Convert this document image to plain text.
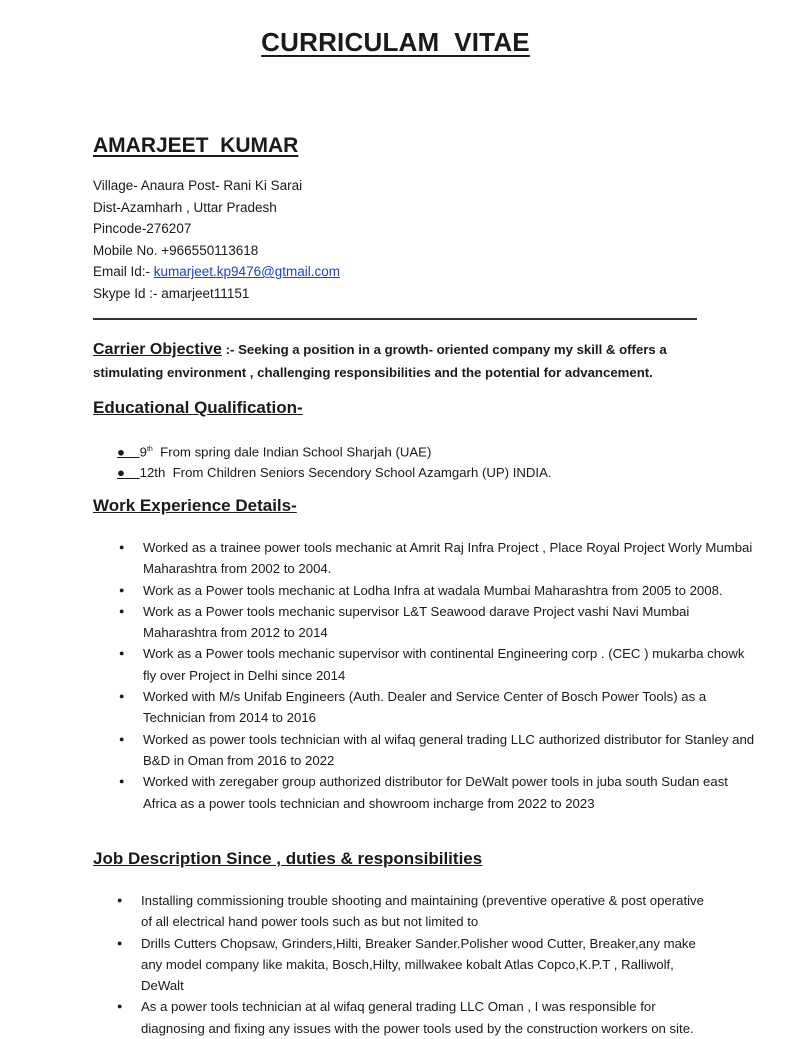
CURRICULAM  VITAE
AMARJEET  KUMAR
Village- Anaura Post- Rani Ki Sarai
Dist-Azamharh , Uttar Pradesh
Pincode-276207
Mobile No. +966550113618
Email Id:- kumarjeet.kp9476@gtmail.com
Skype Id :- amarjeet11151
Carrier Objective :- Seeking a position in a growth- oriented company my skill & offers a stimulating environment , challenging responsibilities and the potential for advancement.
Educational Qualification-
●    9th  From spring dale Indian School Sharjah (UAE)
●    12th  From Children Seniors Secendory School Azamgarh (UP) INDIA.
Work Experience Details-
● Worked as a trainee power tools mechanic at Amrit Raj Infra Project , Place Royal Project Worly Mumbai Maharashtra from 2002 to 2004.
● Work as a Power tools mechanic at Lodha Infra at wadala Mumbai Maharashtra from 2005 to 2008.
● Work as a Power tools mechanic supervisor L&T Seawood darave Project vashi Navi Mumbai Maharashtra from 2012 to 2014
● Work as a Power tools mechanic supervisor with continental Engineering corp . (CEC ) mukarba chowk fly over Project in Delhi since 2014
● Worked with M/s Unifab Engineers (Auth. Dealer and Service Center of Bosch Power Tools) as a Technician from 2014 to 2016
● Worked as power tools technician with al wifaq general trading LLC authorized distributor for Stanley and B&D in Oman from 2016 to 2022
● Worked with zeregaber group authorized distributor for DeWalt power tools in juba south Sudan east Africa as a power tools technician and showroom incharge from 2022 to 2023
Job Description Since , duties & responsibilities
● Installing commissioning trouble shooting and maintaining (preventive operative & post operative of all electrical hand power tools such as but not limited to
● Drills Cutters Chopsaw, Grinders,Hilti, Breaker Sander.Polisher wood Cutter, Breaker,any make any model company like makita, Bosch,Hilty, millwakee kobalt Atlas Copco,K.P.T , Ralliwolf, DeWalt
● As a power tools technician at al wifaq general trading LLC Oman , I was responsible for diagnosing and fixing any issues with the power tools used by the construction workers on site.
